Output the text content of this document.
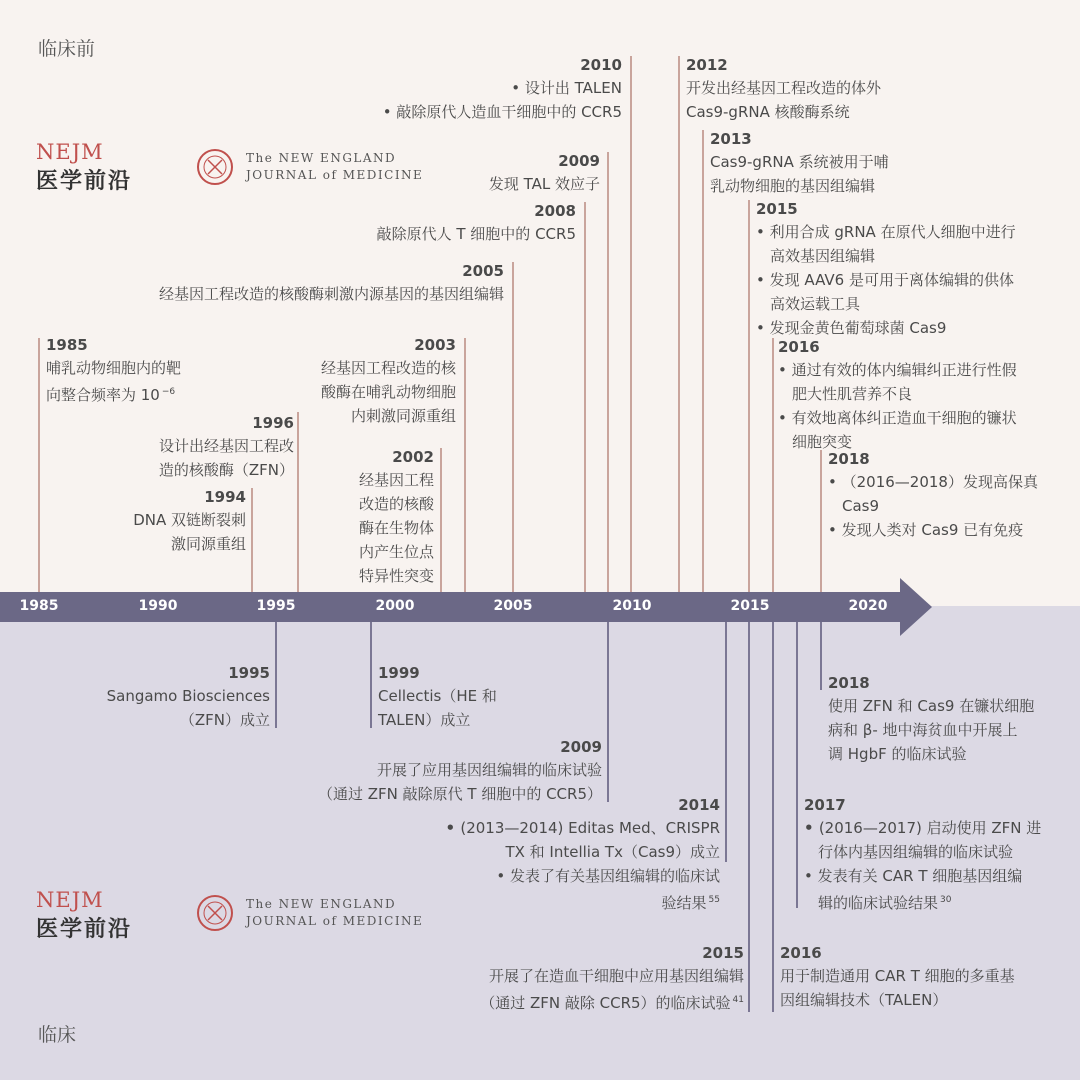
临床前
临床
NEJM
医学前沿
The NEW ENGLAND
JOURNAL of MEDICINE
NEJM
医学前沿
The NEW ENGLAND
JOURNAL of MEDICINE
1985	1990	1995	2000	2005	2010	2015	2020
1985
哺乳动物细胞内的靶
向整合频率为 10 $^{-6}$
1996
设计出经基因工程改
造的核酸酶（ZFN）
1994
DNA 双链断裂刺
激同源重组
2003
经基因工程改造的核
酸酶在哺乳动物细胞
内刺激同源重组
2002
经基因工程
改造的核酸
酶在生物体
内产生位点
特异性突变
2005
经基因工程改造的核酸酶刺激内源基因的基因组编辑
2008
敲除原代人 T 细胞中的 CCR5
2009
发现 TAL 效应子
2010
• 设计出 TALEN
• 敲除原代人造血干细胞中的 CCR5
2012
开发出经基因工程改造的体外
Cas9-gRNA 核酸酶系统
2013
Cas9-gRNA 系统被用于哺
乳动物细胞的基因组编辑
2015
• 利用合成 gRNA 在原代人细胞中进行
高效基因组编辑
• 发现 AAV6 是可用于离体编辑的供体
高效运载工具
• 发现金黄色葡萄球菌 Cas9
2016
• 通过有效的体内编辑纠正进行性假
肥大性肌营养不良
• 有效地离体纠正造血干细胞的镰状
细胞突变
2018
• （2016—2018）发现高保真
Cas9
• 发现人类对 Cas9 已有免疫
1995
Sangamo Biosciences
（ZFN）成立
1999
Cellectis（HE 和
TALEN）成立
2009
开展了应用基因组编辑的临床试验
（通过 ZFN 敲除原代 T 细胞中的 CCR5）
2014
• (2013—2014) Editas Med、CRISPR
TX 和 Intellia Tx（Cas9）成立
• 发表了有关基因组编辑的临床试
验结果 $^{55}$
2015
开展了在造血干细胞中应用基因组编辑
（通过 ZFN 敲除 CCR5）的临床试验 $^{41}$
2018
使用 ZFN 和 Cas9 在镰状细胞
病和 β- 地中海贫血中开展上
调 HgbF 的临床试验
2017
• (2016—2017) 启动使用 ZFN 进
行体内基因组编辑的临床试验
• 发表有关 CAR T 细胞基因组编
辑的临床试验结果 $^{30}$
2016
用于制造通用 CAR T 细胞的多重基
因组编辑技术（TALEN）
